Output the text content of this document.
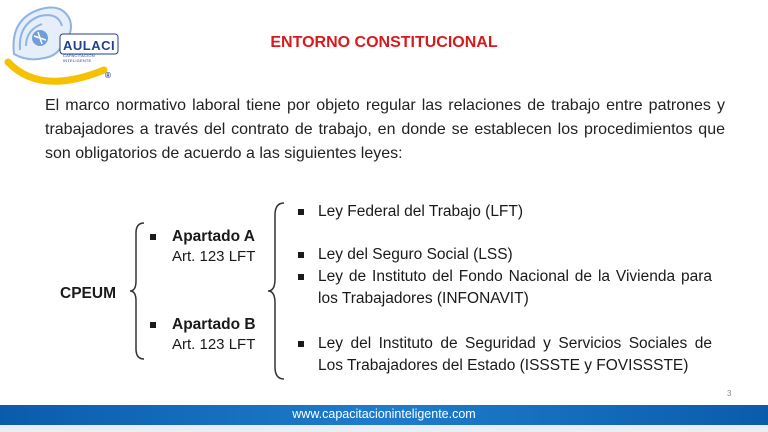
AULACI
CAPACITACIÓN INTELIGENTE
®
ENTORNO CONSTITUCIONAL
El marco normativo laboral tiene por objeto regular las relaciones de trabajo entre patrones y trabajadores a través del contrato de trabajo, en donde se establecen los procedimientos que son obligatorios de acuerdo a las siguientes leyes:
CPEUM
Apartado A
Art. 123 LFT
Apartado B
Art. 123 LFT
Ley Federal del Trabajo (LFT)
Ley del Seguro Social (LSS)
Ley de Instituto del Fondo Nacional de la Vivienda para los Trabajadores (INFONAVIT)
Ley del Instituto de Seguridad y Servicios Sociales de Los Trabajadores del Estado (ISSSTE y FOVISSSTE)
3
www.capacitacioninteligente.com
